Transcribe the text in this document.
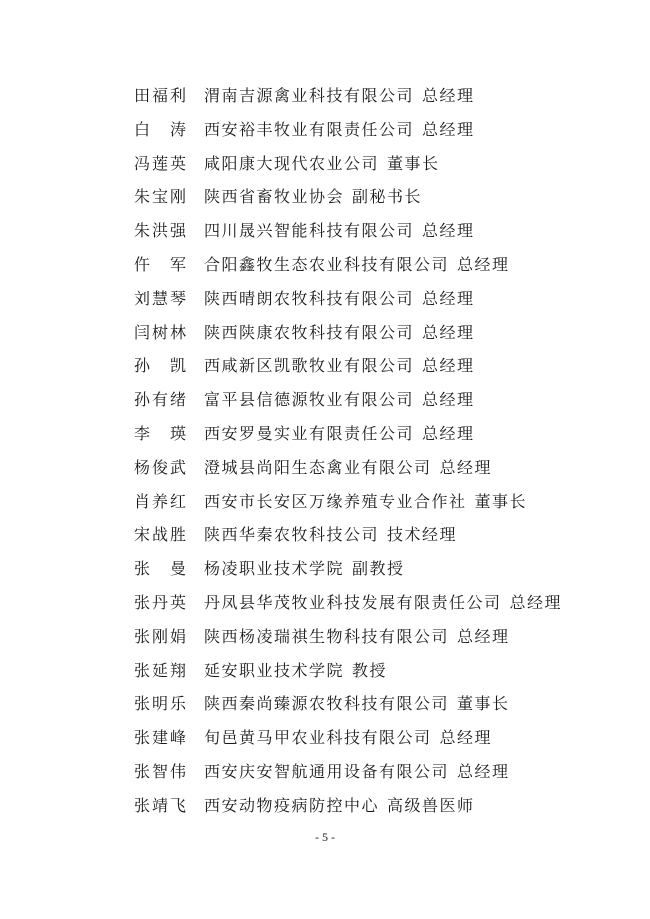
田福利 渭南吉源禽业科技有限公司 总经理
白　涛 西安裕丰牧业有限责任公司 总经理
冯莲英 咸阳康大现代农业公司 董事长
朱宝刚 陕西省畜牧业协会 副秘书长
朱洪强 四川晟兴智能科技有限公司 总经理
仵　军 合阳鑫牧生态农业科技有限公司 总经理
刘慧琴 陕西晴朗农牧科技有限公司 总经理
闫树林 陕西陕康农牧科技有限公司 总经理
孙　凯 西咸新区凯歌牧业有限公司 总经理
孙有绪 富平县信德源牧业有限公司 总经理
李　瑛 西安罗曼实业有限责任公司 总经理
杨俊武 澄城县尚阳生态禽业有限公司 总经理
肖养红 西安市长安区万缘养殖专业合作社 董事长
宋战胜 陕西华秦农牧科技公司 技术经理
张　曼 杨凌职业技术学院 副教授
张丹英 丹凤县华茂牧业科技发展有限责任公司 总经理
张刚娟 陕西杨凌瑞祺生物科技有限公司 总经理
张延翔 延安职业技术学院 教授
张明乐 陕西秦尚臻源农牧科技有限公司 董事长
张建峰 旬邑黄马甲农业科技有限公司 总经理
张智伟 西安庆安智航通用设备有限公司 总经理
张靖飞 西安动物疫病防控中心 高级兽医师
- 5 -
